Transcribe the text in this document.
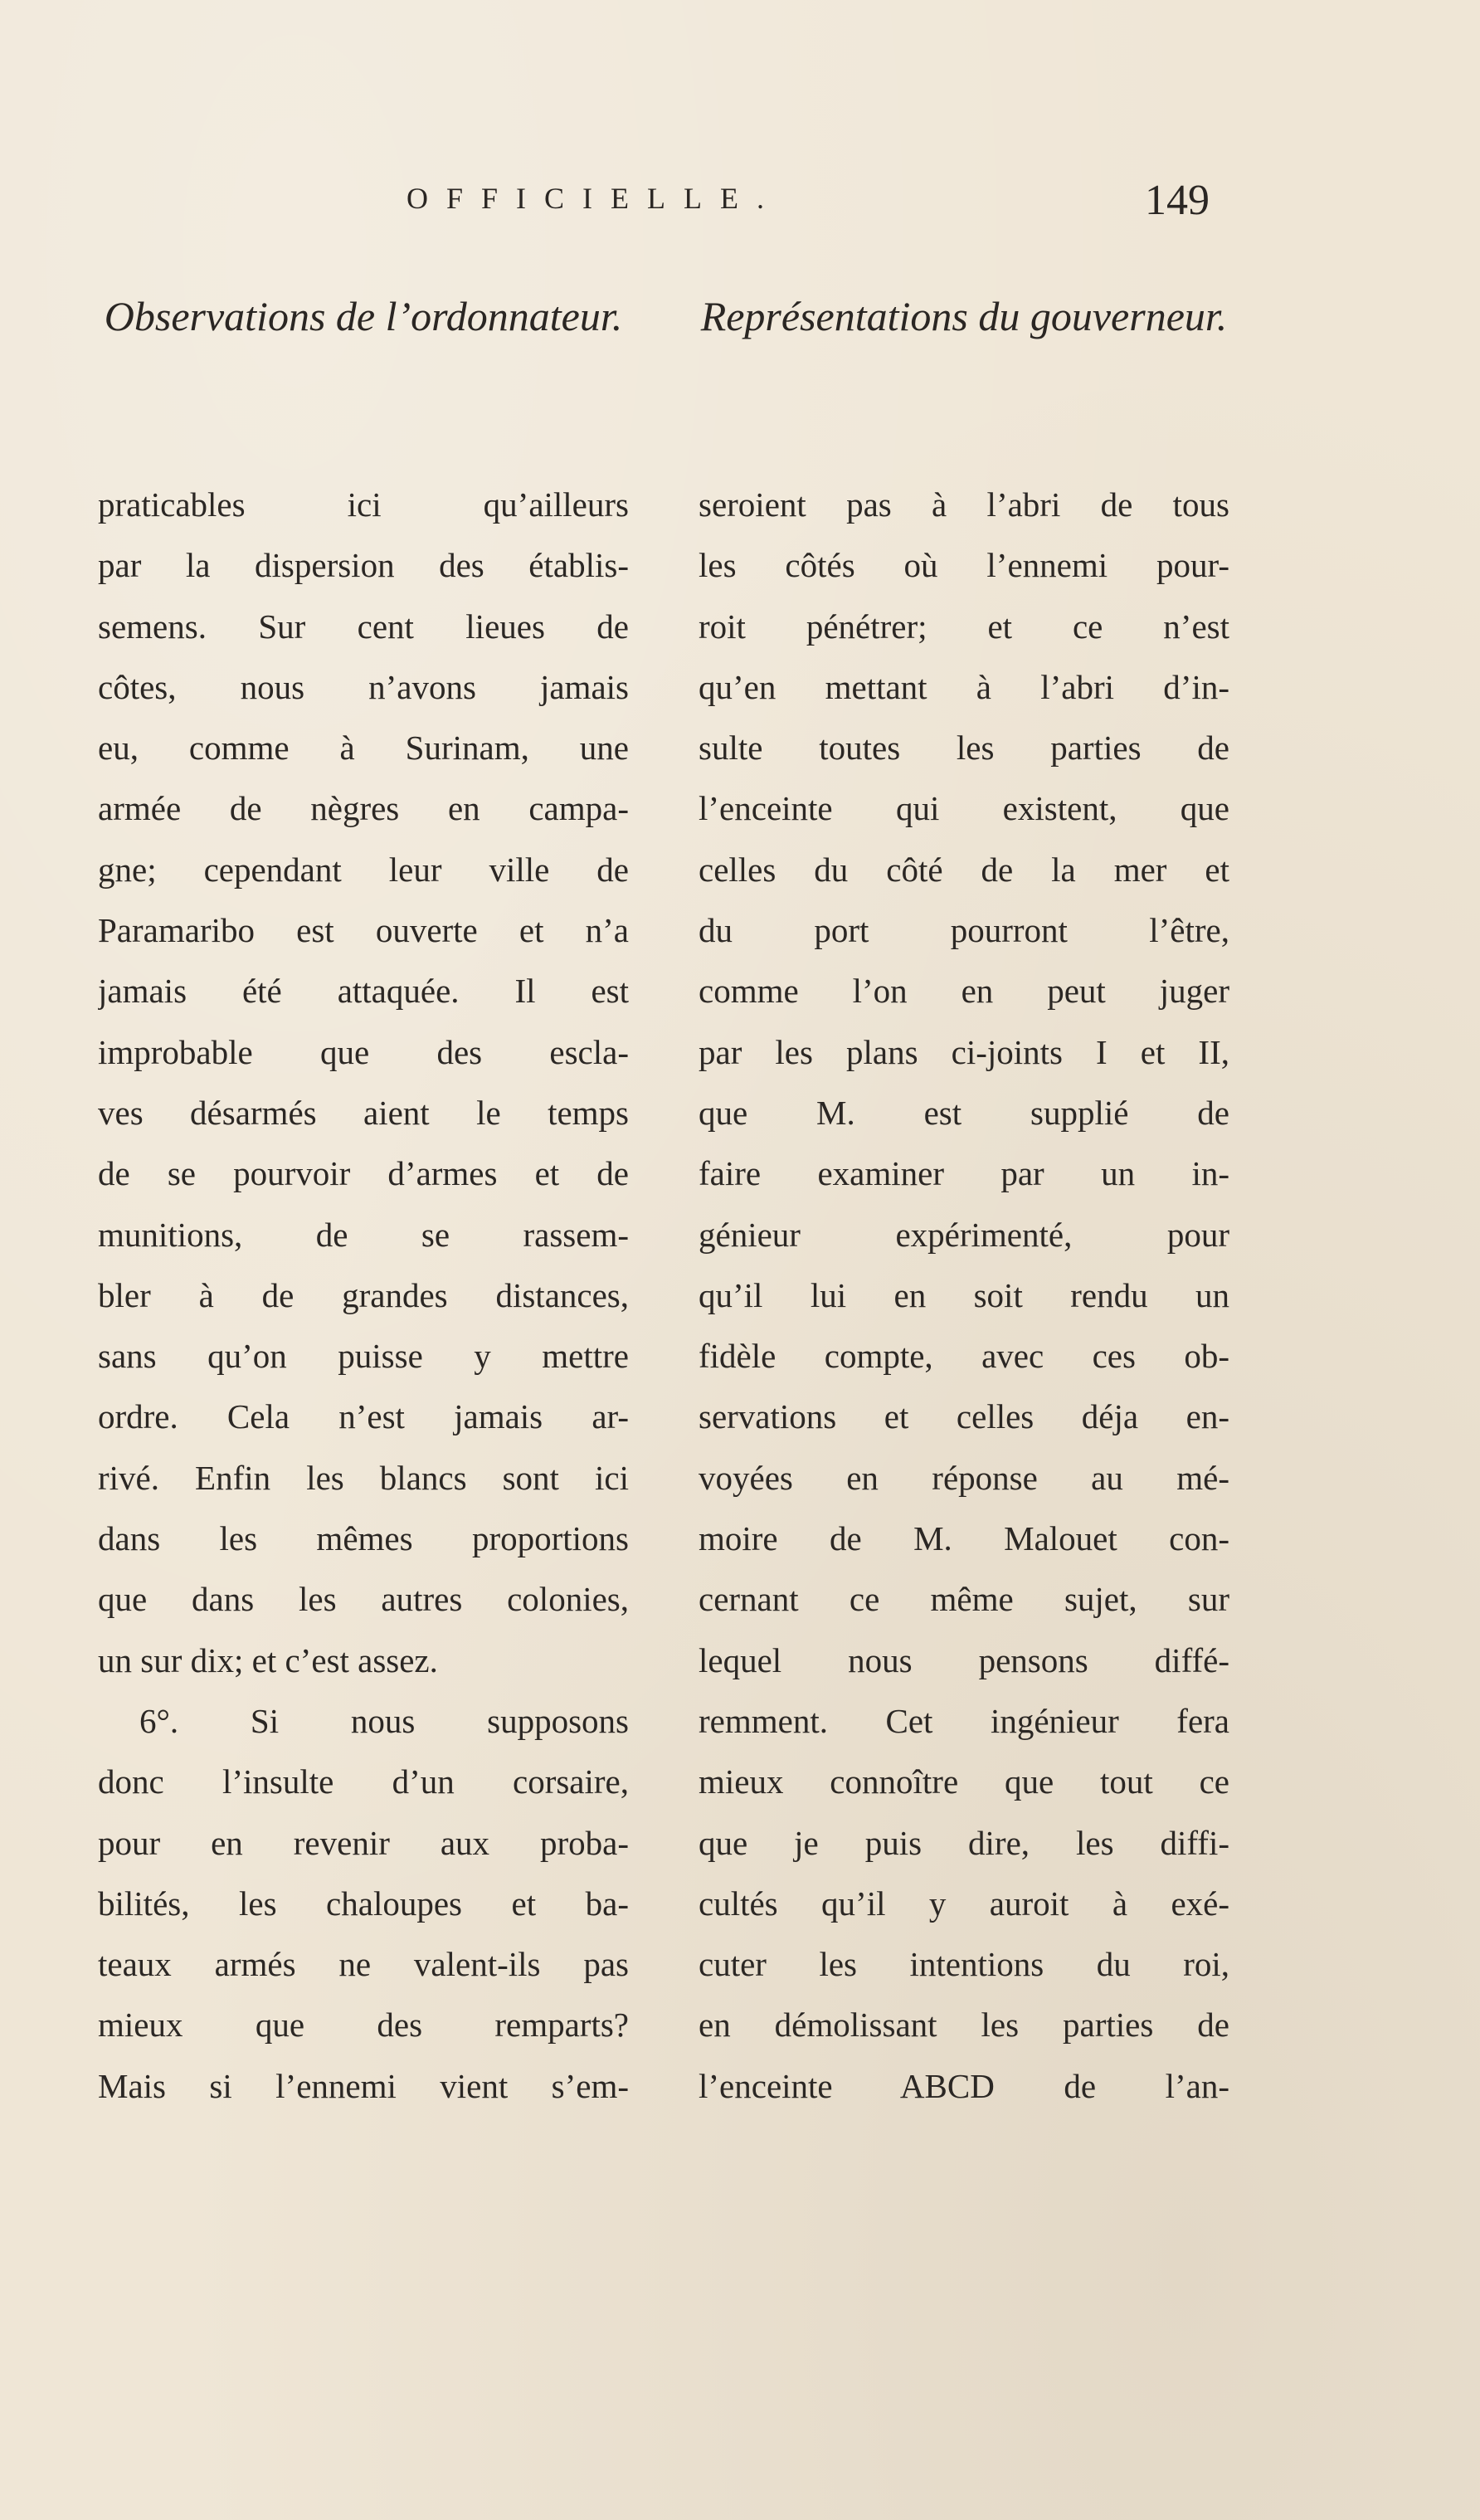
OFFICIELLE.	149
Observations de l’ordonnateur.
praticables ici qu’ailleurs
par la dispersion des établis-
semens. Sur cent lieues de
côtes, nous n’avons jamais
eu, comme à Surinam, une
armée de nègres en campa-
gne; cependant leur ville de
Paramaribo est ouverte et n’a
jamais été attaquée. Il est
improbable que des escla-
ves désarmés aient le temps
de se pourvoir d’armes et de
munitions, de se rassem-
bler à de grandes distances,
sans qu’on puisse y mettre
ordre. Cela n’est jamais ar-
rivé. Enfin les blancs sont ici
dans les mêmes proportions
que dans les autres colonies,
un sur dix; et c’est assez.
6°. Si nous supposons
donc l’insulte d’un corsaire,
pour en revenir aux proba-
bilités, les chaloupes et ba-
teaux armés ne valent-ils pas
mieux que des remparts?
Mais si l’ennemi vient s’em-
Représentations du gouverneur.
seroient pas à l’abri de tous
les côtés où l’ennemi pour-
roit pénétrer; et ce n’est
qu’en mettant à l’abri d’in-
sulte toutes les parties de
l’enceinte qui existent, que
celles du côté de la mer et
du port pourront l’être,
comme l’on en peut juger
par les plans ci-joints I et II,
que M. est supplié de
faire examiner par un in-
génieur expérimenté, pour
qu’il lui en soit rendu un
fidèle compte, avec ces ob-
servations et celles déja en-
voyées en réponse au mé-
moire de M. Malouet con-
cernant ce même sujet, sur
lequel nous pensons diffé-
remment. Cet ingénieur fera
mieux connoître que tout ce
que je puis dire, les diffi-
cultés qu’il y auroit à exé-
cuter les intentions du roi,
en démolissant les parties de
l’enceinte ABCD de l’an-
